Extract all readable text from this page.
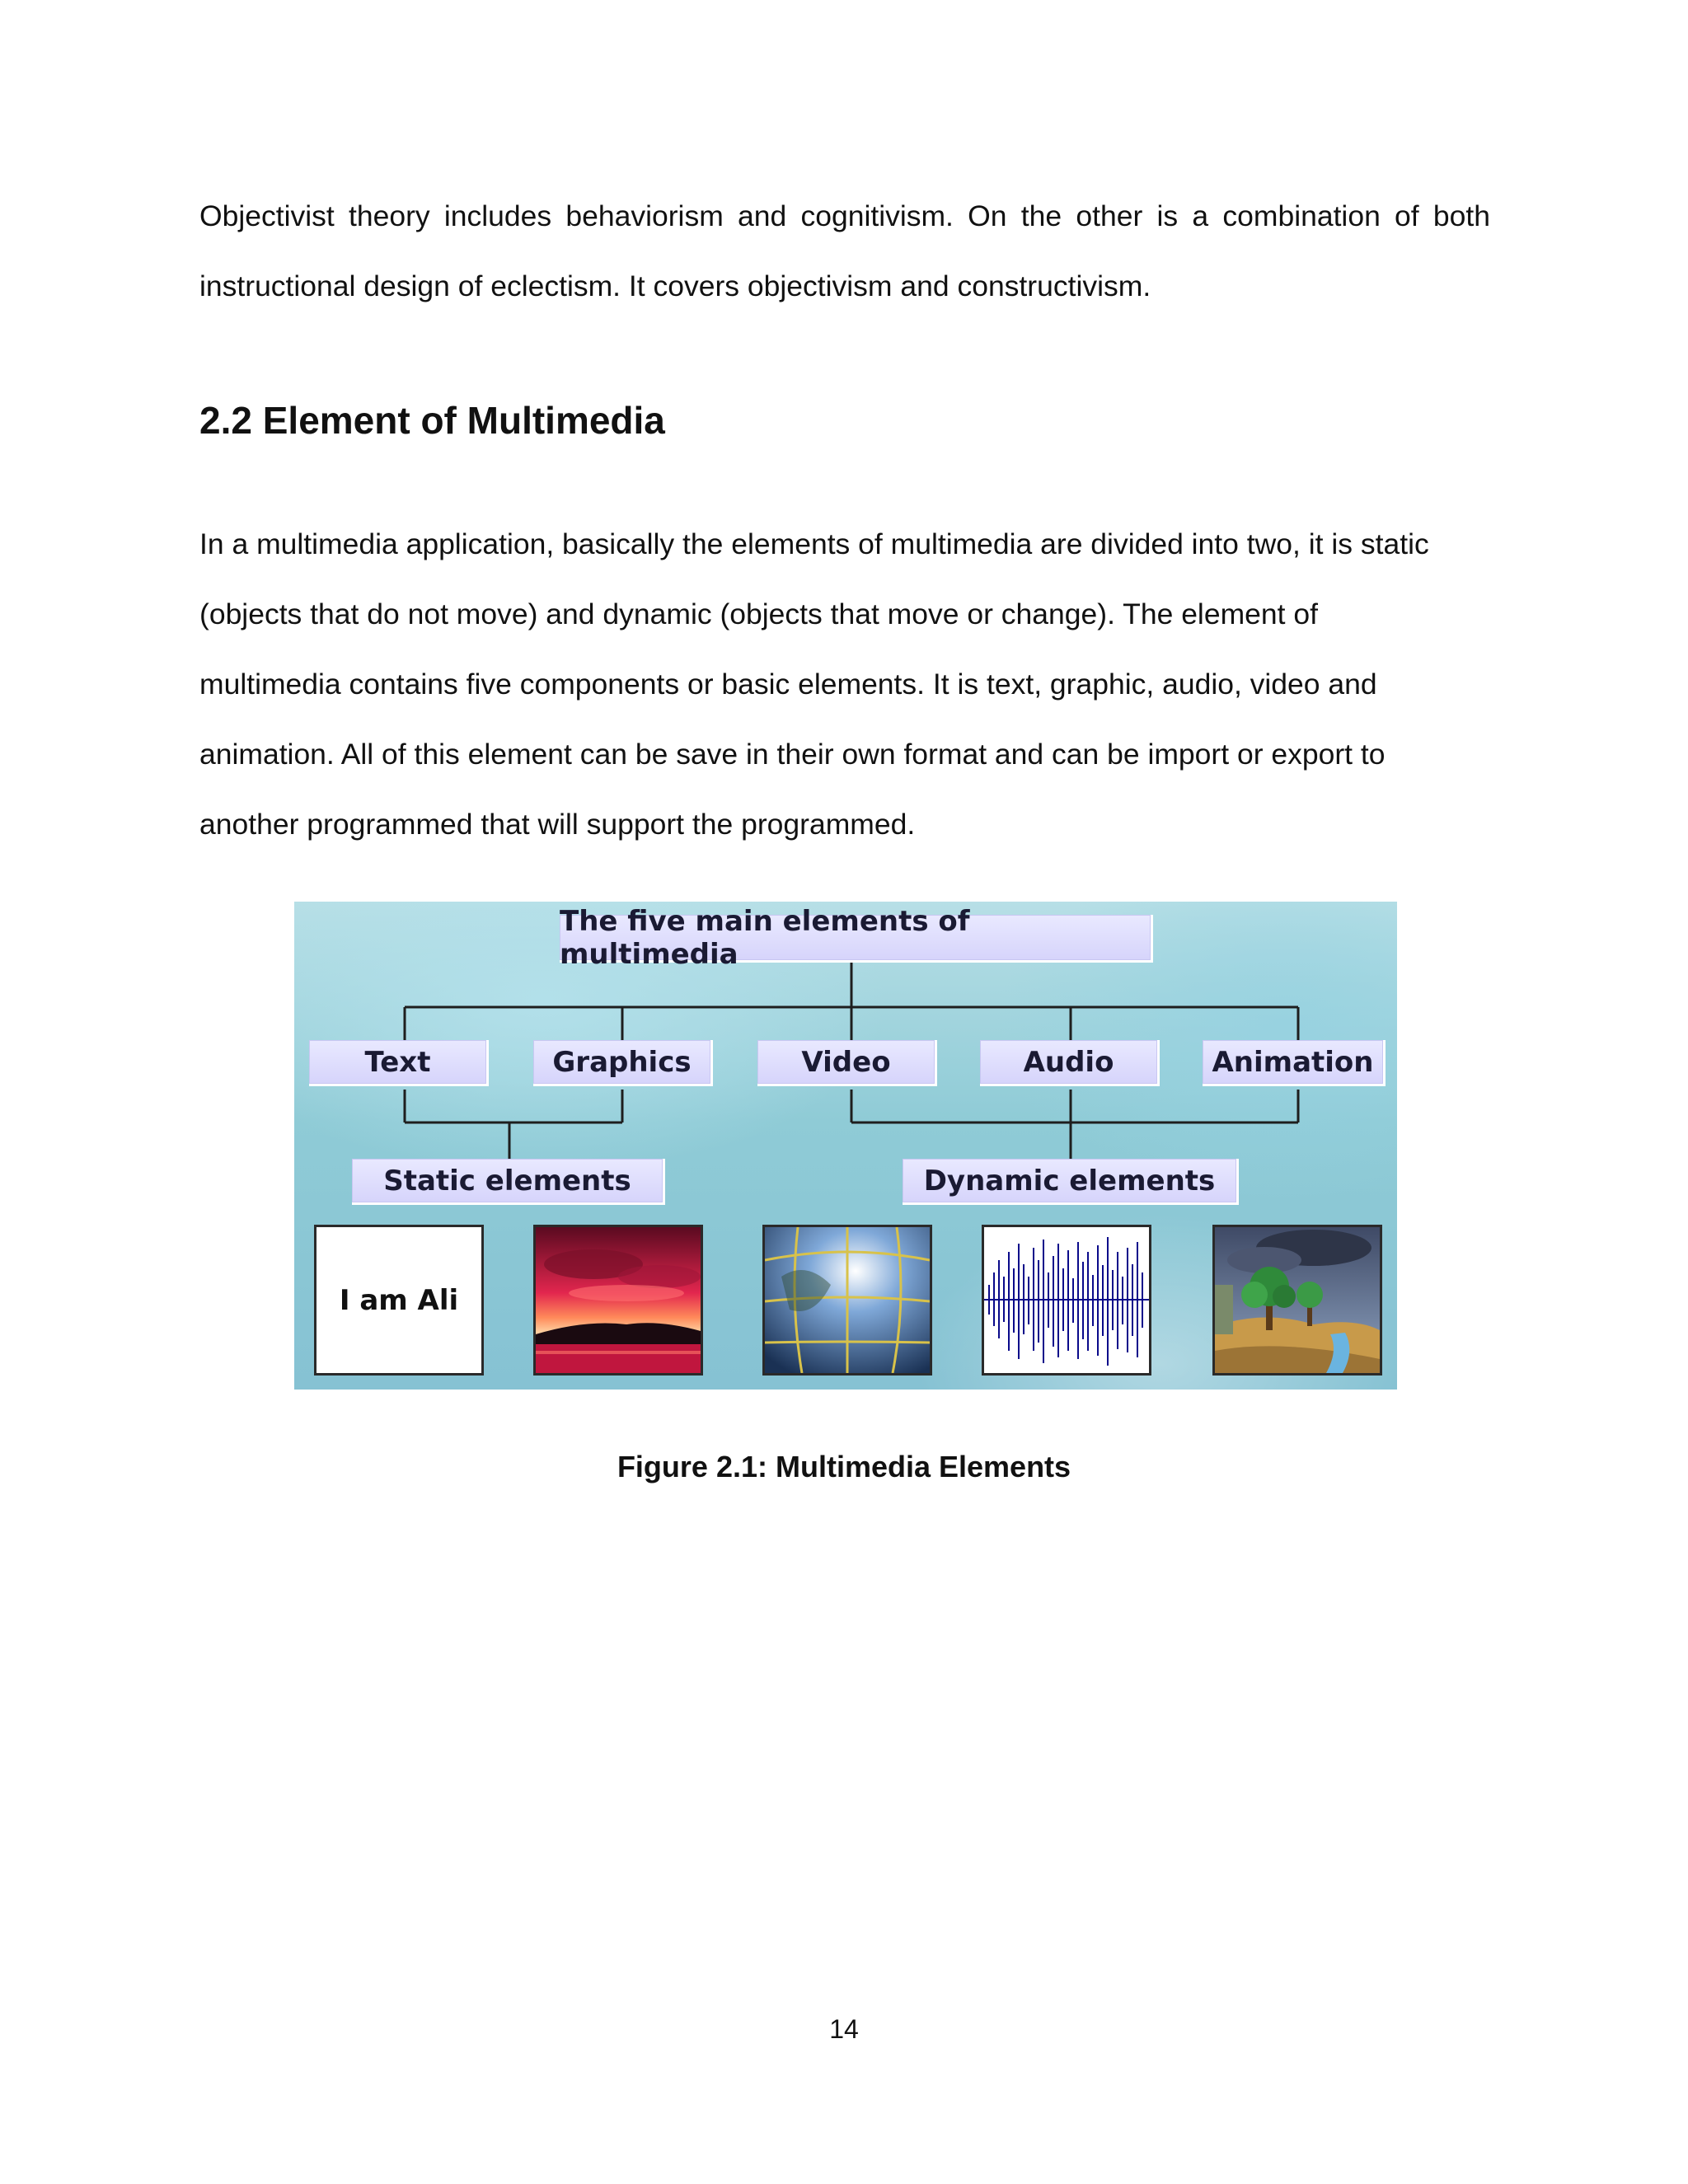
Objectivist theory includes behaviorism and cognitivism. On the other is a combination of both
instructional design of eclectism. It covers objectivism and constructivism.
2.2 Element of Multimedia
In a multimedia application, basically the elements of multimedia are divided into two, it is static
(objects that do not move) and dynamic (objects that move or change). The element of
multimedia contains five components or basic elements. It is text, graphic, audio, video and
animation. All of this element can be save in their own format and can be import or export to
another programmed that will support the programmed.
The five main elements of multimedia
Text	Graphics	Video	Audio	Animation
Static elements	Dynamic elements
I am Ali

Figure 2.1: Multimedia Elements

14
